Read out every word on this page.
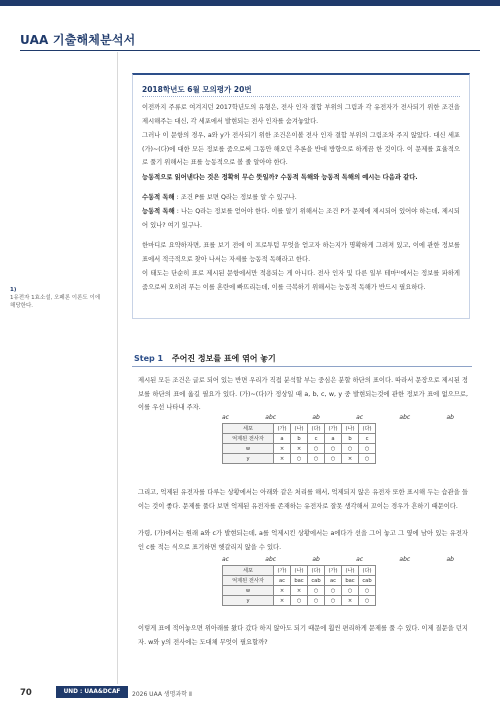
UAA 기출해체분석서
1)
1유전자 1효소설, 오페론 이론도 이에 해당한다.
2018학년도 6월 모의평가 20번
이전까지 주류로 여겨지던 2017학년도의 유형은, 전사 인자 결합 부위의 그림과 각 유전자가 전사되기 위한 조건을 제시해주는 대신, 각 세포에서 발현되는 전사 인자를 숨겨놓았다.
그러나 이 문항의 경우, a와 y가 전사되기 위한 조건은이볼 전사 인자 결합 부위의 그림조차 주지 않았다. 대신 세포 (가)~(다)에 대한 모든 정보를 줌으로써 그동안 해오던 추론을 반대 방향으로 하게끔 한 것이다. 이 문제를 효율적으로 풀기 위해서는 표를 능동적으로 볼 줄 알아야 한다.
능동적으로 읽어낸다는 것은 정확히 무슨 뜻일까? 수동적 독해와 능동적 독해의 예시는 다음과 같다.
수동적 독해 : 조건 P를 보면 Q라는 정보를 알 수 있구나.
능동적 독해 : 나는 Q라는 정보를 얻어야 한다. 이를 알기 위해서는 조건 P가 문제에 제시되어 있어야 하는데, 제시되어 있나? 여기 있구나.
한마디로 요약하자면, 표를 보기 전에 이 프로투텀 무엇을 얻고자 하는지가 명확하게 그려져 있고, 이에 관한 정보를 표에서 적극적으로 찾아 나서는 자세를 능동적 독해라고 한다.
이 태도는 단순히 표로 제시된 문항에서만 적용되는 게 아니다. 전사 인자 및 다른 일부 테마¹⁾에서는 정보를 파하게 줌으로써 오히려 푸는 이를 혼란에 빠뜨리는데, 이를 극복하기 위해서는 능동적 독해가 반드시 필요하다.
Step 1 주어진 정보를 표에 엮어 놓기
제시된 모든 조건은 글로 되어 있는 반면 우리가 직접 분석할 부는 중심은 분할 하단의 표이다. 따라서 문장으로 제시된 정보를 하단의 표에 옮길 필요가 있다. (가)~(다)가 정상일 때 a, b, c, w, y 중 발현되는것에 관한 정보가 표에 없으므로, 이를 우선 나타내 주자.
ac	abc	ab	ac	abc	ab
세포	(가)	(나)	(다)	(가)	(나)	(다)
억제된 전사자	a	b	c	a	b	c
w	×	×	○	○	○	○
y	×	○	○	○	×	○
그리고, 억제된 유전자를 다루는 상황에서는 아래와 같은 처리를 해서, 억제되지 않은 유전자 또한 표시해 두는 습관을 들이는 것이 좋다. 문제를 풀다 보면 억제된 유전자를 존재하는 유전자로 잘못 생각해서 꼬이는 경우가 흔하기 때문이다.
가령, (가)에서는 원래 a와 c가 발현되는데, a를 억제시킨 상황에서는 a에다가 선을 그어 놓고 그 옆에 남아 있는 유전자인 c를 적는 식으로 표기하면 헷갈리지 않을 수 있다.
ac	abc	ab	ac	abc	ab
세포	(가)	(나)	(다)	(가)	(나)	(다)
억제된 전사자	ac	bac	cab	ac	bac	cab
w	×	×	○	○	○	○
y	×	○	○	○	×	○
이렇게 표에 적어놓으면 위아래를 왔다 갔다 하지 않아도 되기 때문에 훨씬 편리하게 문제를 풀 수 있다. 이제 질문을 던지자. w와 y의 전사에는 도대체 무엇이 필요할까?
70	UND : UAA&DCAF	2026 UAA 생명과학 Ⅱ
